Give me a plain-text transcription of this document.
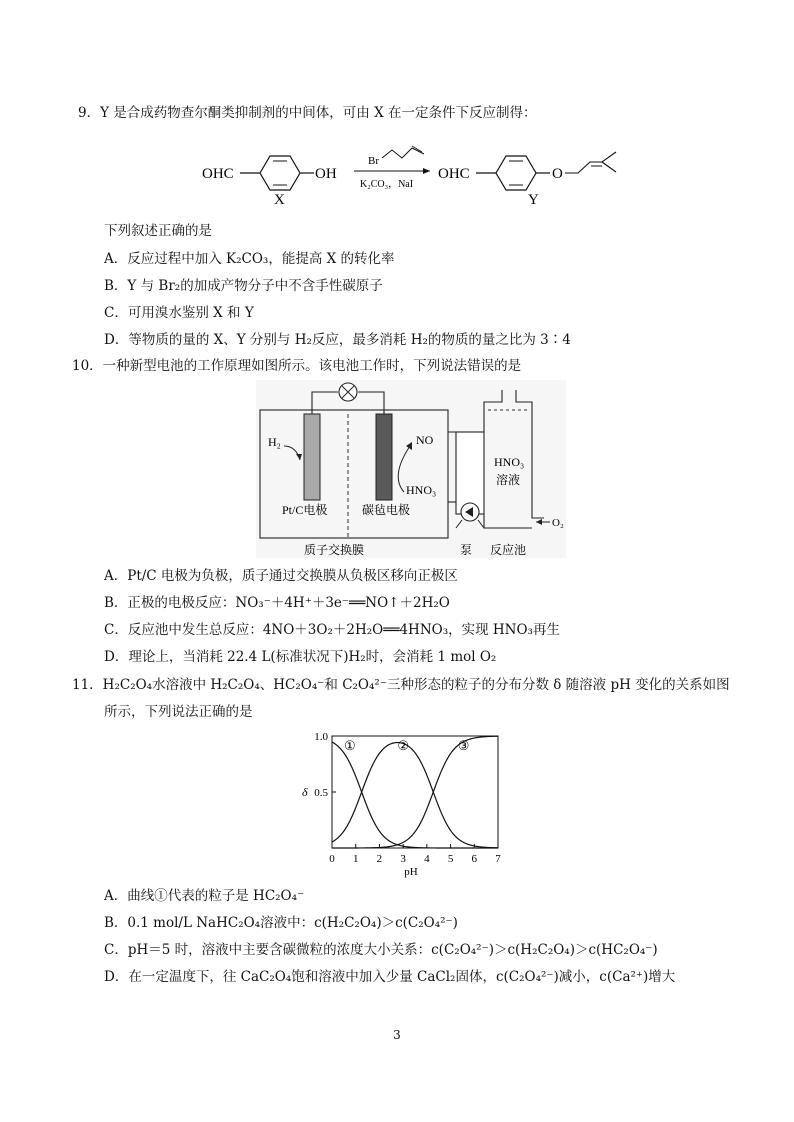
9．Y 是合成药物查尔酮类抑制剂的中间体，可由 X 在一定条件下反应制得：
OHC	OH
X
Br
K₂CO₃，NaI
OHC	O
Y
下列叙述正确的是
A．反应过程中加入 K₂CO₃，能提高 X 的转化率
B．Y 与 Br₂的加成产物分子中不含手性碳原子
C．可用溴水鉴别 X 和 Y
D．等物质的量的 X、Y 分别与 H₂反应，最多消耗 H₂的物质的量之比为 3∶4
10．一种新型电池的工作原理如图所示。该电池工作时，下列说法错误的是
H₂	NO
HNO₃
HNO₃
溶液
O₂
Pt/C电极	碳毡电极
质子交换膜	泵 反应池
A．Pt/C 电极为负极，质子通过交换膜从负极区移向正极区
B．正极的电极反应：NO₃⁻＋4H⁺＋3e⁻══NO↑＋2H₂O
C．反应池中发生总反应：4NO＋3O₂＋2H₂O══4HNO₃，实现 HNO₃再生
D．理论上，当消耗 22.4 L(标准状况下)H₂时，会消耗 1 mol O₂
11．H₂C₂O₄水溶液中 H₂C₂O₄、HC₂O₄⁻和 C₂O₄²⁻三种形态的粒子的分布分数 δ 随溶液 pH 变化的关系如图
所示，下列说法正确的是
0 1 2 3 4 5 6 7
0.5
1.0
pH
δ
①	②	③
A．曲线①代表的粒子是 HC₂O₄⁻
B．0.1 mol/L NaHC₂O₄溶液中：c(H₂C₂O₄)＞c(C₂O₄²⁻)
C．pH＝5 时，溶液中主要含碳微粒的浓度大小关系：c(C₂O₄²⁻)＞c(H₂C₂O₄)＞c(HC₂O₄⁻)
D．在一定温度下，往 CaC₂O₄饱和溶液中加入少量 CaCl₂固体，c(C₂O₄²⁻)减小，c(Ca²⁺)增大
3
